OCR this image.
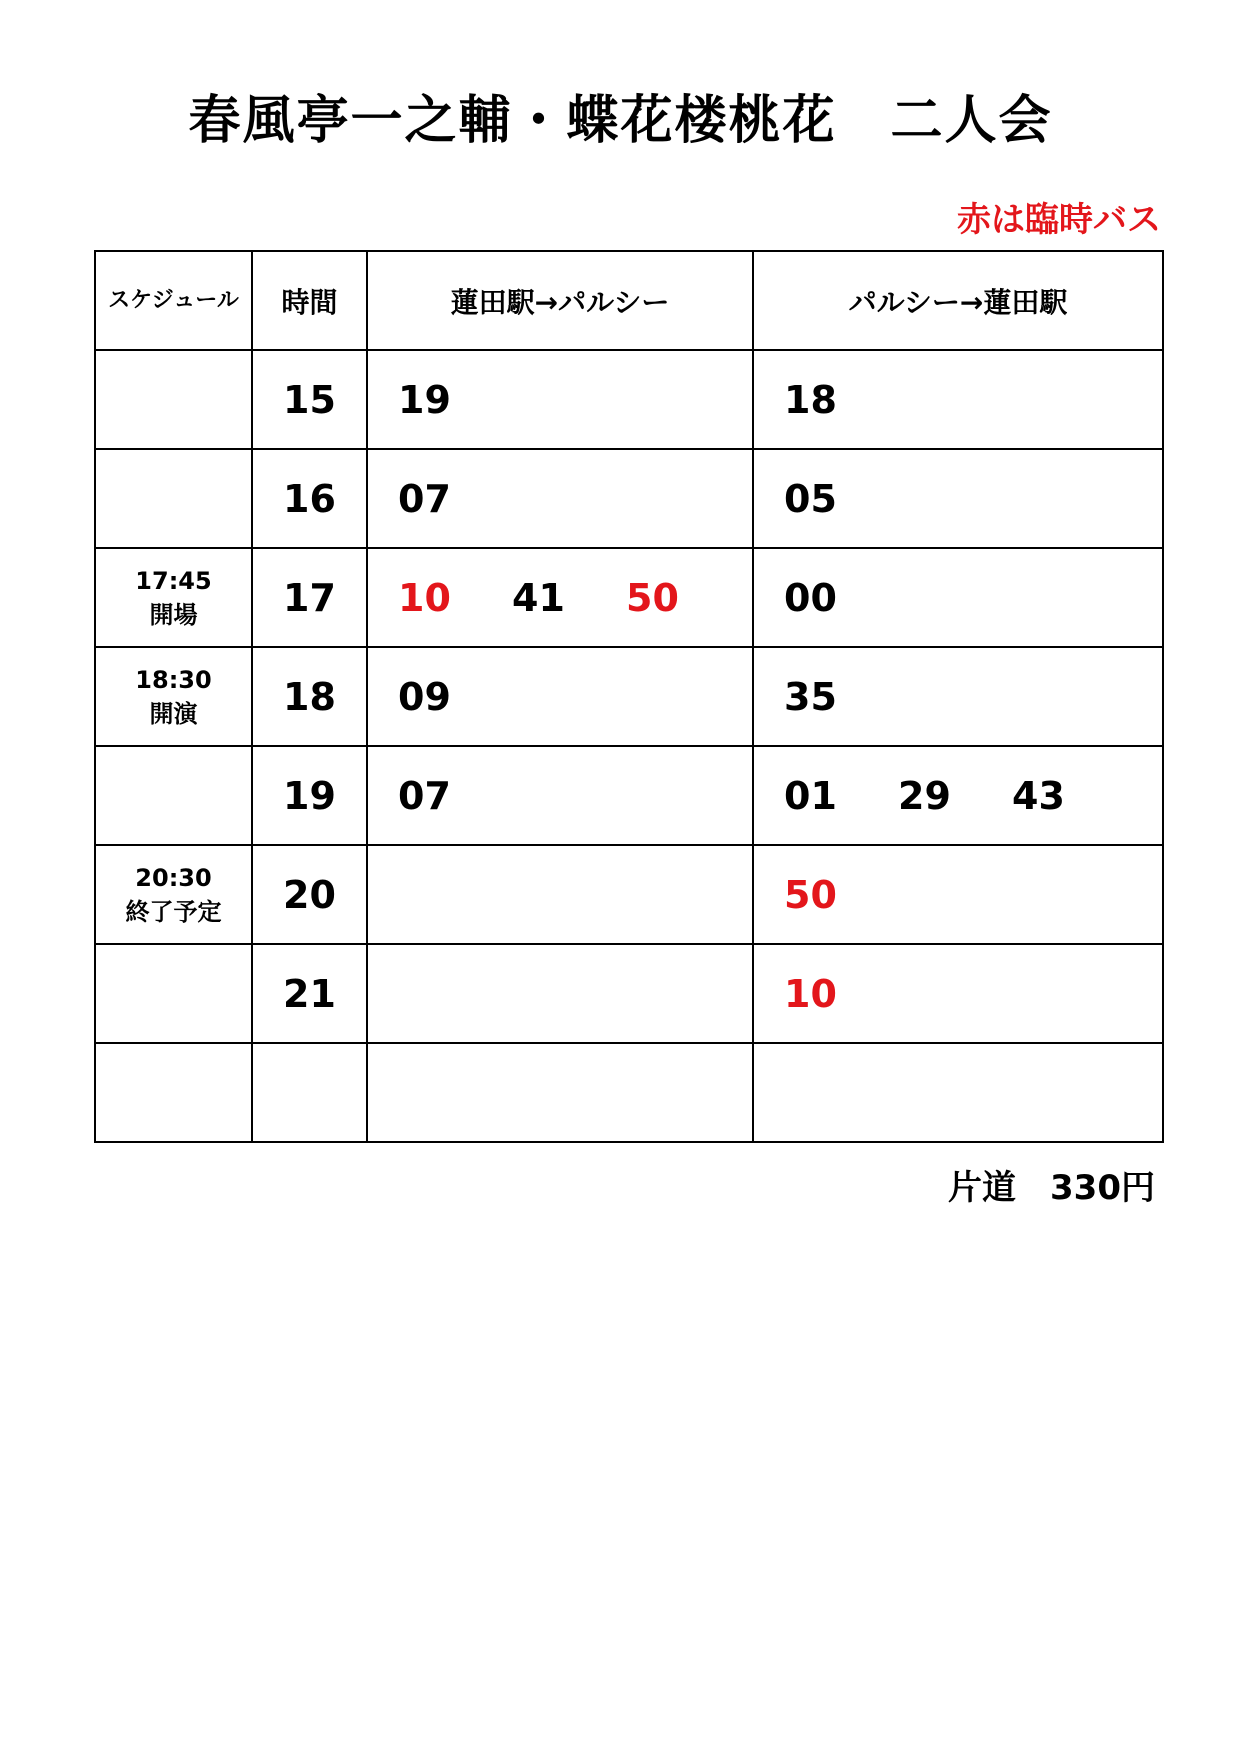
春風亭一之輔・蝶花楼桃花　二人会
赤は臨時バス
スケジュール	時間	蓮田駅→パルシー	パルシー→蓮田駅

	15	19	18

	16	07	05

17:45
開場	17	10 41 50	00

18:30
開演	18	09	35

	19	07	01 29 43

20:30
終了予定	20		50

	21		10

片道　330円
